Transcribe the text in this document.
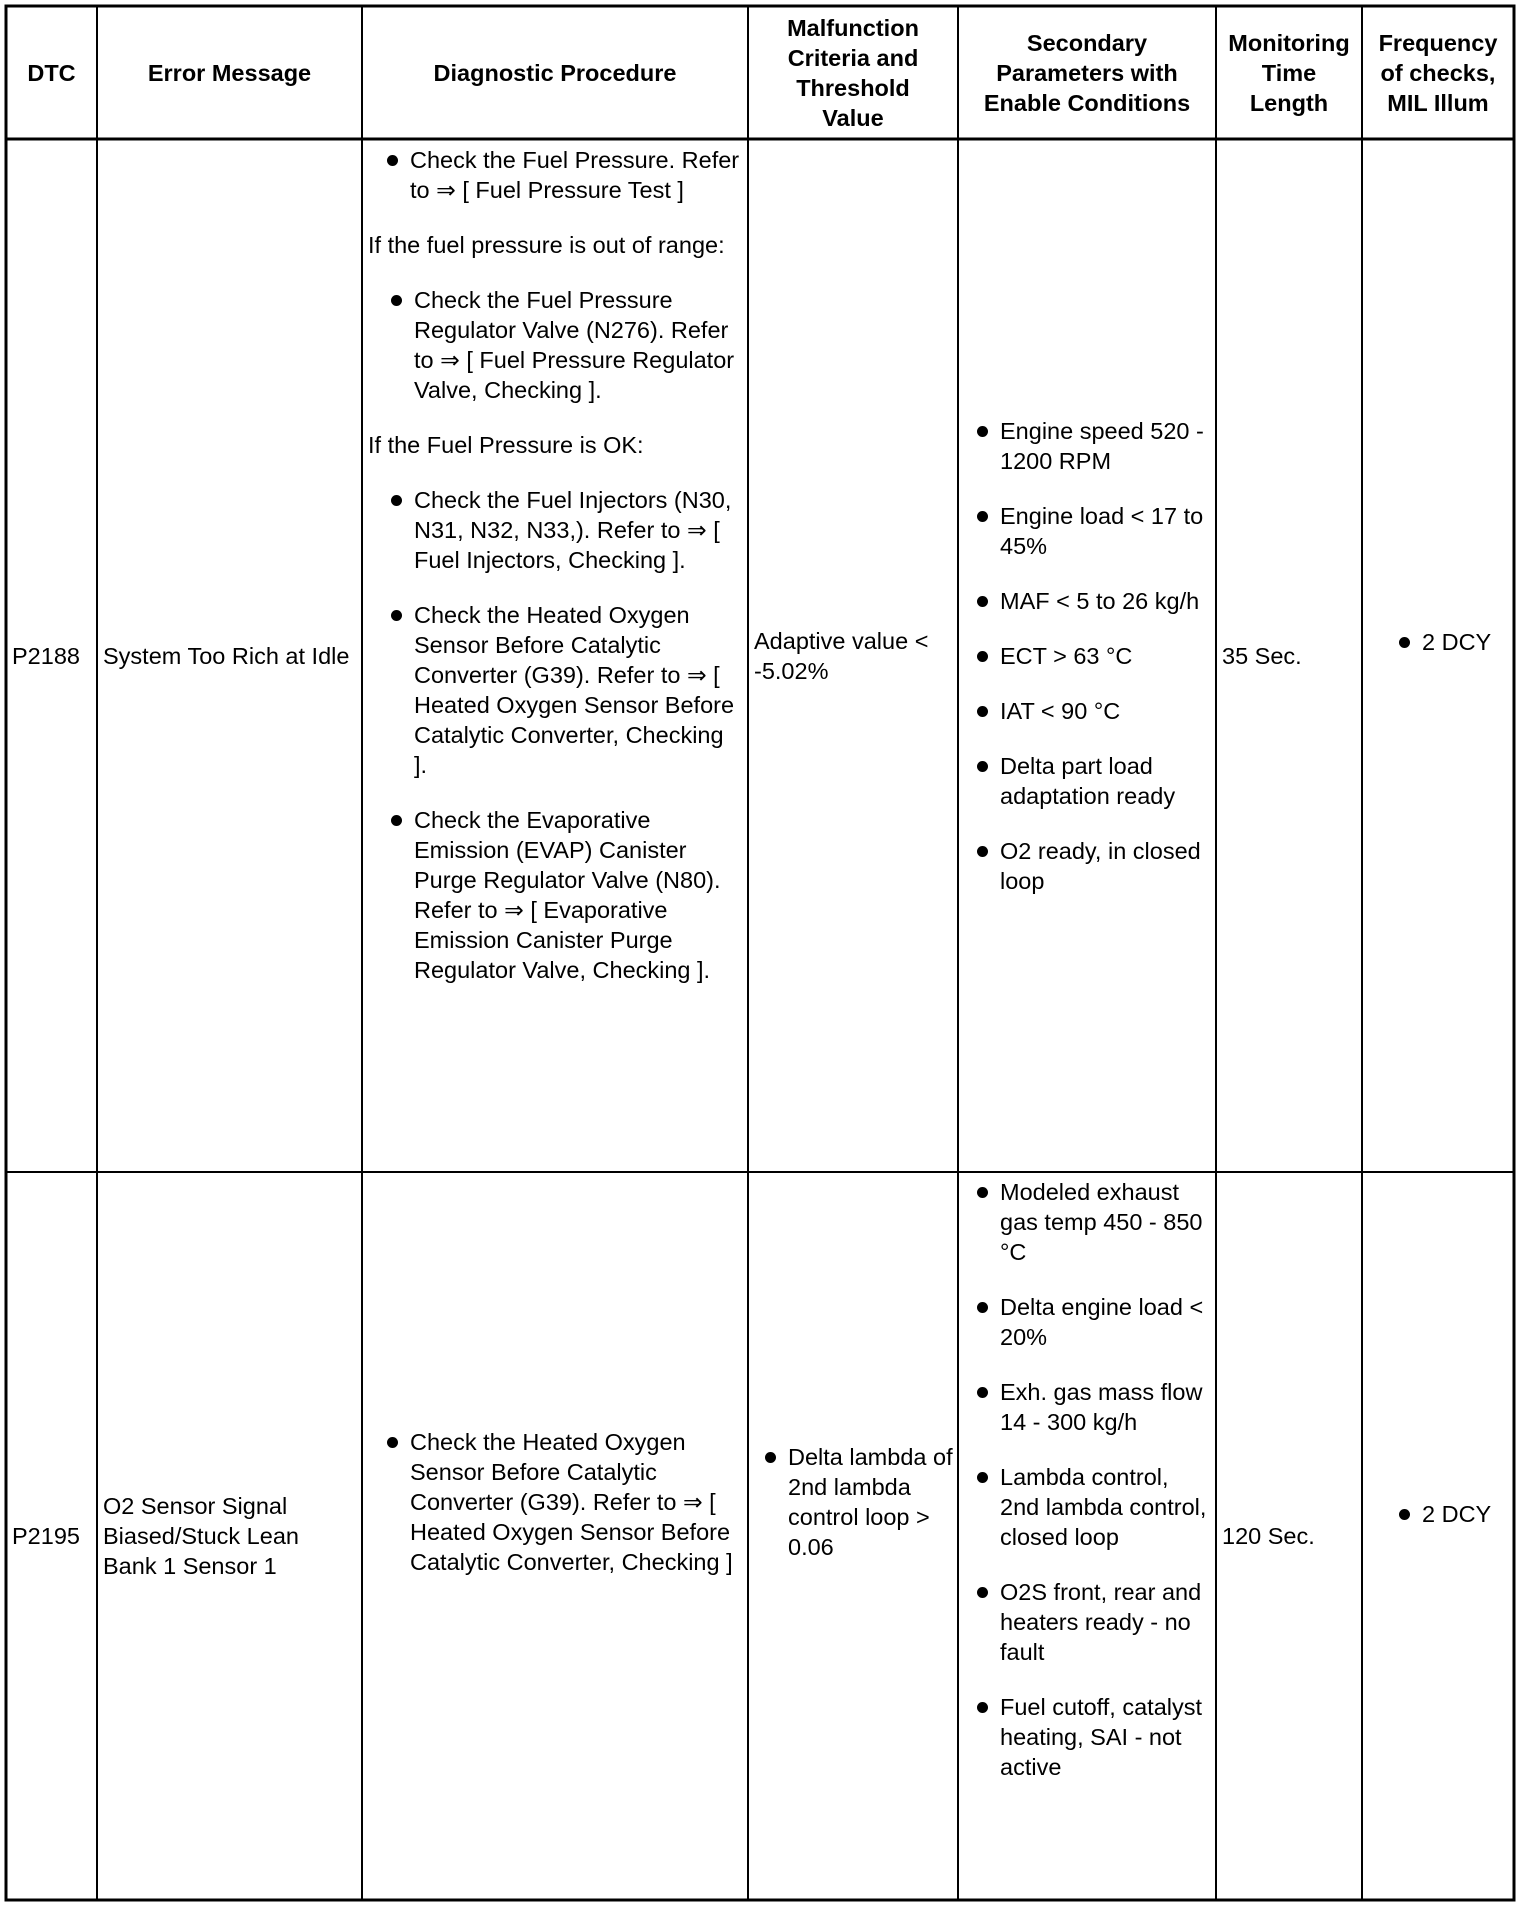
DTC	Error Message	Diagnostic Procedure
Malfunction Criteria and Threshold Value
Secondary Parameters with Enable Conditions
Monitoring Time Length
Frequency of checks, MIL Illum
P2188 System Too Rich at Idle
Check the Fuel Pressure. Refer to ⇒ [ Fuel Pressure Test ]

If the fuel pressure is out of range:

Check the Fuel Pressure Regulator Valve (N276). Refer to ⇒ [ Fuel Pressure Regulator Valve, Checking ].

If the Fuel Pressure is OK:

Check the Fuel Injectors (N30, N31, N32, N33,). Refer to ⇒ [ Fuel Injectors, Checking ].
Check the Heated Oxygen Sensor Before Catalytic Converter (G39). Refer to ⇒ [ Heated Oxygen Sensor Before Catalytic Converter, Checking ].
Check the Evaporative Emission (EVAP) Canister Purge Regulator Valve (N80). Refer to ⇒ [ Evaporative Emission Canister Purge Regulator Valve, Checking ].
Adaptive value < -5.02%
Engine speed 520 - 1200 RPM
Engine load < 17 to 45%
MAF < 5 to 26 kg/h
ECT > 63 °C
IAT < 90 °C
Delta part load adaptation ready
O2 ready, in closed loop
35 Sec.
2 DCY
P2195
O2 Sensor Signal Biased/Stuck Lean Bank 1 Sensor 1
Check the Heated Oxygen Sensor Before Catalytic Converter (G39). Refer to ⇒ [ Heated Oxygen Sensor Before Catalytic Converter, Checking ]
Delta lambda of 2nd lambda control loop > 0.06
Modeled exhaust gas temp 450 - 850 °C
Delta engine load < 20%
Exh. gas mass flow 14 - 300 kg/h
Lambda control, 2nd lambda control, closed loop
O2S front, rear and heaters ready - no fault
Fuel cutoff, catalyst heating, SAI - not active
120 Sec.
2 DCY
